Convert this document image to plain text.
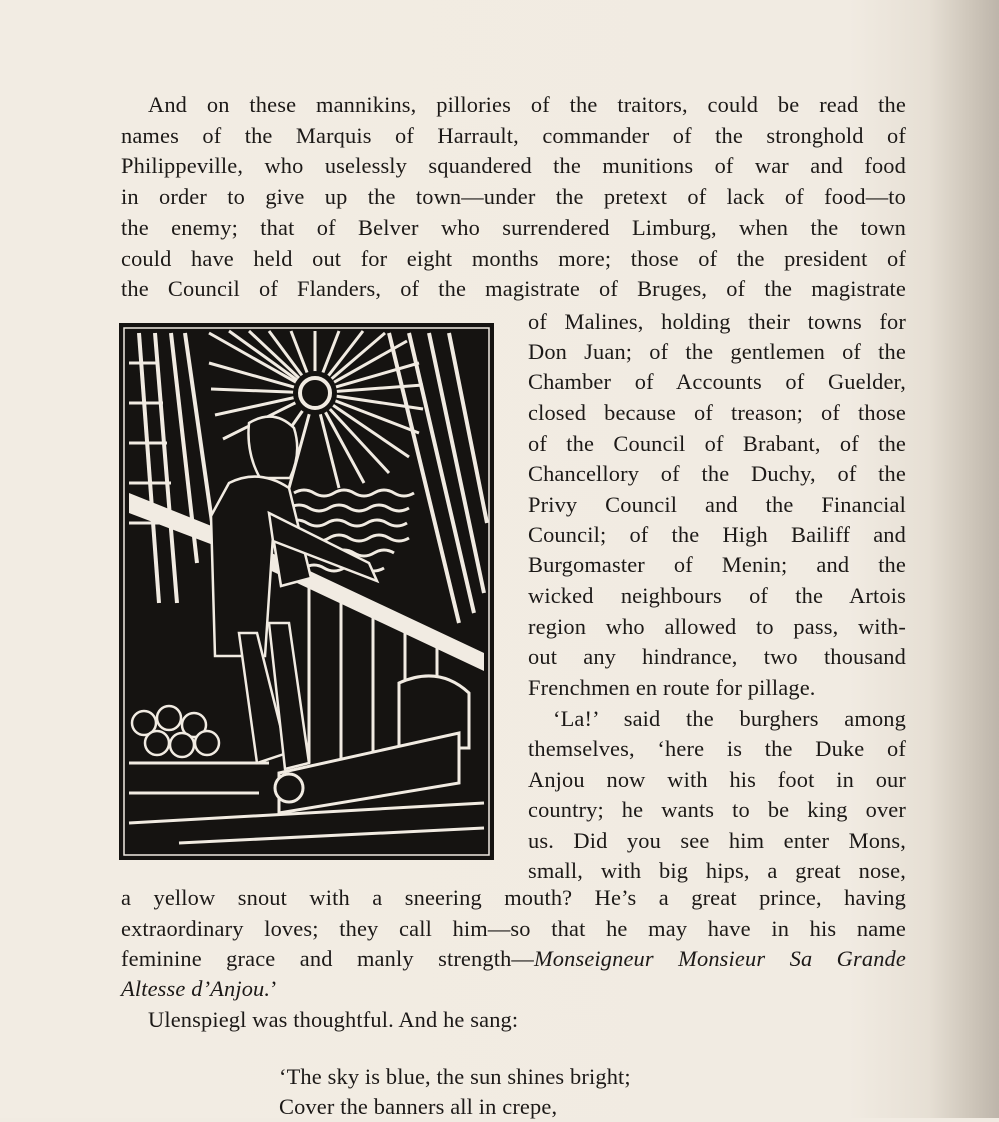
And on these mannikins, pillories of the traitors, could be read the
names of the Marquis of Harrault, commander of the stronghold of
Philippeville, who uselessly squandered the munitions of war and food
in order to give up the town—under the pretext of lack of food—to
the enemy; that of Belver who surrendered Limburg, when the town
could have held out for eight months more; those of the president of
the Council of Flanders, of the magistrate of Bruges, of the magistrate
of Malines, holding their towns for
Don Juan; of the gentlemen of the
Chamber of Accounts of Guelder,
closed because of treason; of those
of the Council of Brabant, of the
Chancellory of the Duchy, of the
Privy Council and the Financial
Council; of the High Bailiff and
Burgomaster of Menin; and the
wicked neighbours of the Artois
region who allowed to pass, with-
out any hindrance, two thousand
Frenchmen en route for pillage.
‘La!’ said the burghers among
themselves, ‘here is the Duke of
Anjou now with his foot in our
country; he wants to be king over
us. Did you see him enter Mons,
small, with big hips, a great nose,
a yellow snout with a sneering mouth? He’s a great prince, having
extraordinary loves; they call him—so that he may have in his name
feminine grace and manly strength—Monseigneur Monsieur Sa Grande
Altesse d’Anjou.’
Ulenspiegl was thoughtful. And he sang:
‘The sky is blue, the sun shines bright;
Cover the banners all in crepe,
